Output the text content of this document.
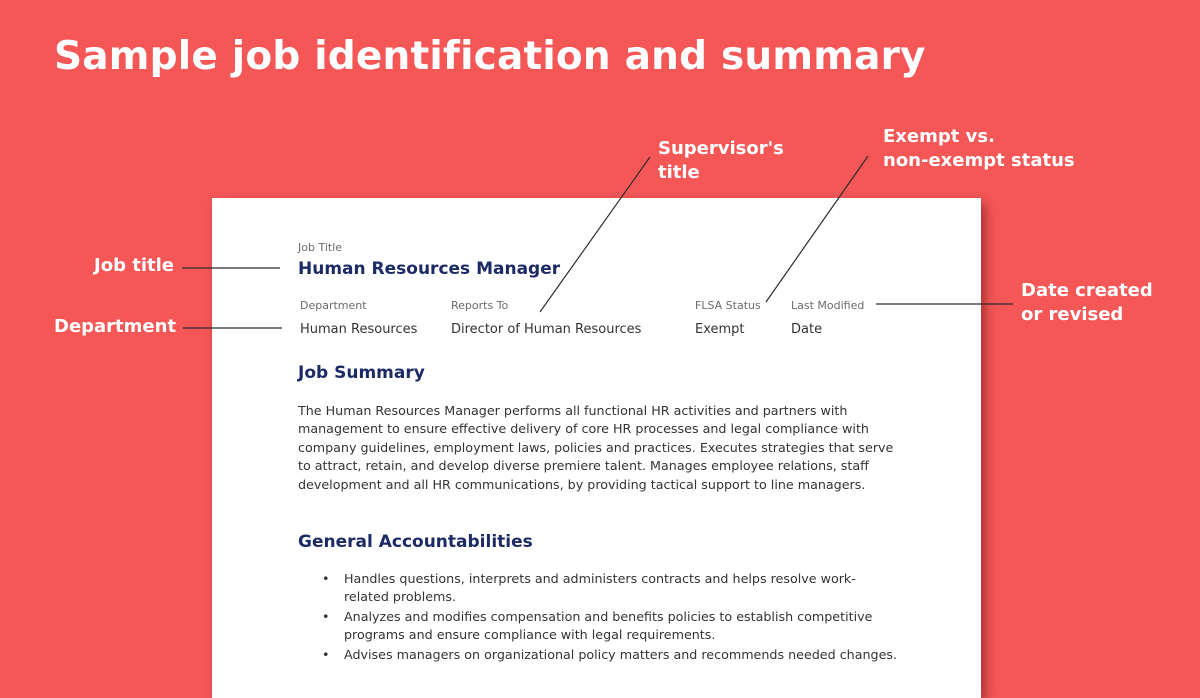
Sample job identification and summary
Job title
Department
Supervisor's
title
Exempt vs.
non-exempt status
Date created
or revised
Job Title
Human Resources Manager
Department
Human Resources
Reports To
Director of Human Resources
FLSA Status
Exempt
Last Modified
Date
Job Summary

The Human Resources Manager performs all functional HR activities and partners with management to ensure effective delivery of core HR processes and legal compliance with company guidelines, employment laws, policies and practices. Executes strategies that serve to attract, retain, and develop diverse premiere talent. Manages employee relations, staff development and all HR communications, by providing tactical support to line managers.

General Accountabilities
• Handles questions, interprets and administers contracts and helps resolve work-related problems.
• Analyzes and modifies compensation and benefits policies to establish competitive programs and ensure compliance with legal requirements.
• Advises managers on organizational policy matters and recommends needed changes.
